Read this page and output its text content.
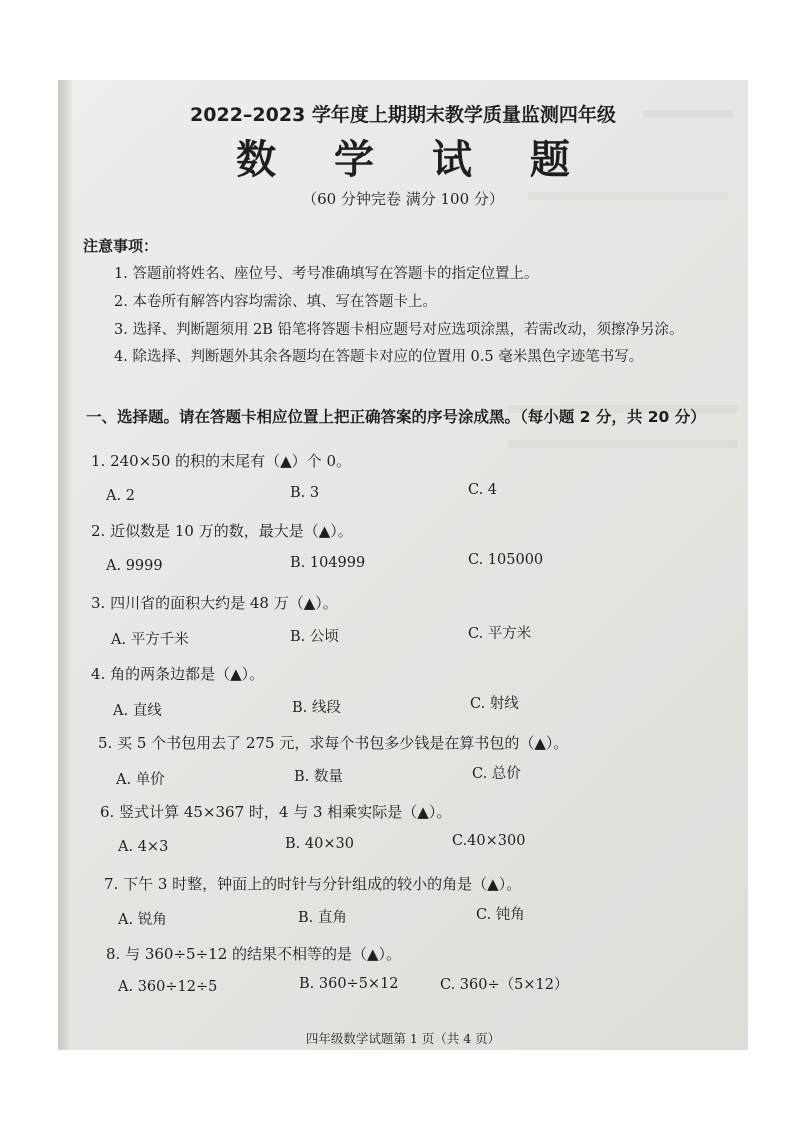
2022–2023 学年度上期期末教学质量监测四年级
数 学 试 题
（60 分钟完卷 满分 100 分）
注意事项：
1. 答题前将姓名、座位号、考号准确填写在答题卡的指定位置上。
2. 本卷所有解答内容均需涂、填、写在答题卡上。
3. 选择、判断题须用 2B 铅笔将答题卡相应题号对应选项涂黑，若需改动，须擦净另涂。
4. 除选择、判断题外其余各题均在答题卡对应的位置用 0.5 毫米黑色字迹笔书写。
一、选择题。请在答题卡相应位置上把正确答案的序号涂成黑。（每小题 2 分，共 20 分）
1. 240×50 的积的末尾有（▲）个 0。
A. 2	B. 3	C. 4
2. 近似数是 10 万的数，最大是（▲）。
A. 9999	B. 104999	C. 105000
3. 四川省的面积大约是 48 万（▲）。
A. 平方千米	B. 公顷	C. 平方米
4. 角的两条边都是（▲）。
A. 直线	B. 线段	C. 射线
5. 买 5 个书包用去了 275 元，求每个书包多少钱是在算书包的（▲）。
A. 单价	B. 数量	C. 总价
6. 竖式计算 45×367 时，4 与 3 相乘实际是（▲）。
A. 4×3	B. 40×30	C.40×300
7. 下午 3 时整，钟面上的时针与分针组成的较小的角是（▲）。
A. 锐角	B. 直角	C. 钝角
8. 与 360÷5÷12 的结果不相等的是（▲）。
A. 360÷12÷5	B. 360÷5×12	C. 360÷（5×12）
四年级数学试题第 1 页（共 4 页）
